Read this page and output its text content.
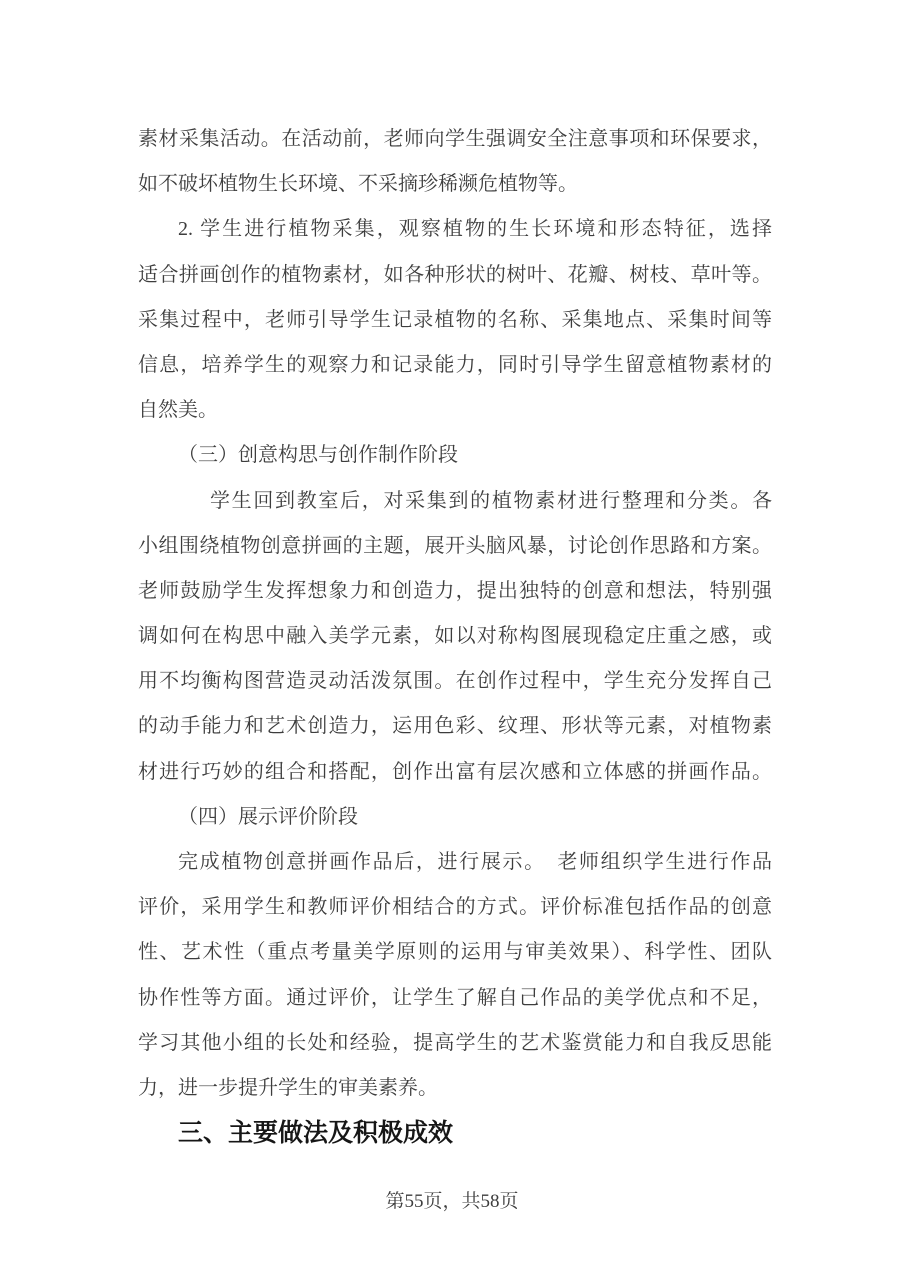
素材采集活动。在活动前，老师向学生强调安全注意事项和环保要求，
如不破坏植物生长环境、不采摘珍稀濒危植物等。
2. 学生进行植物采集，观察植物的生长环境和形态特征，选择
适合拼画创作的植物素材，如各种形状的树叶、花瓣、树枝、草叶等。
采集过程中，老师引导学生记录植物的名称、采集地点、采集时间等
信息，培养学生的观察力和记录能力，同时引导学生留意植物素材的
自然美。
（三）创意构思与创作制作阶段
学生回到教室后，对采集到的植物素材进行整理和分类。各
小组围绕植物创意拼画的主题，展开头脑风暴，讨论创作思路和方案。
老师鼓励学生发挥想象力和创造力，提出独特的创意和想法，特别强
调如何在构思中融入美学元素，如以对称构图展现稳定庄重之感，或
用不均衡构图营造灵动活泼氛围。在创作过程中，学生充分发挥自己
的动手能力和艺术创造力，运用色彩、纹理、形状等元素，对植物素
材进行巧妙的组合和搭配，创作出富有层次感和立体感的拼画作品。
（四）展示评价阶段
完成植物创意拼画作品后，进行展示。　老师组织学生进行作品
评价，采用学生和教师评价相结合的方式。评价标准包括作品的创意
性、艺术性（重点考量美学原则的运用与审美效果）、科学性、团队
协作性等方面。通过评价，让学生了解自己作品的美学优点和不足，
学习其他小组的长处和经验，提高学生的艺术鉴赏能力和自我反思能
力，进一步提升学生的审美素养。
三、主要做法及积极成效
第55页，共58页
